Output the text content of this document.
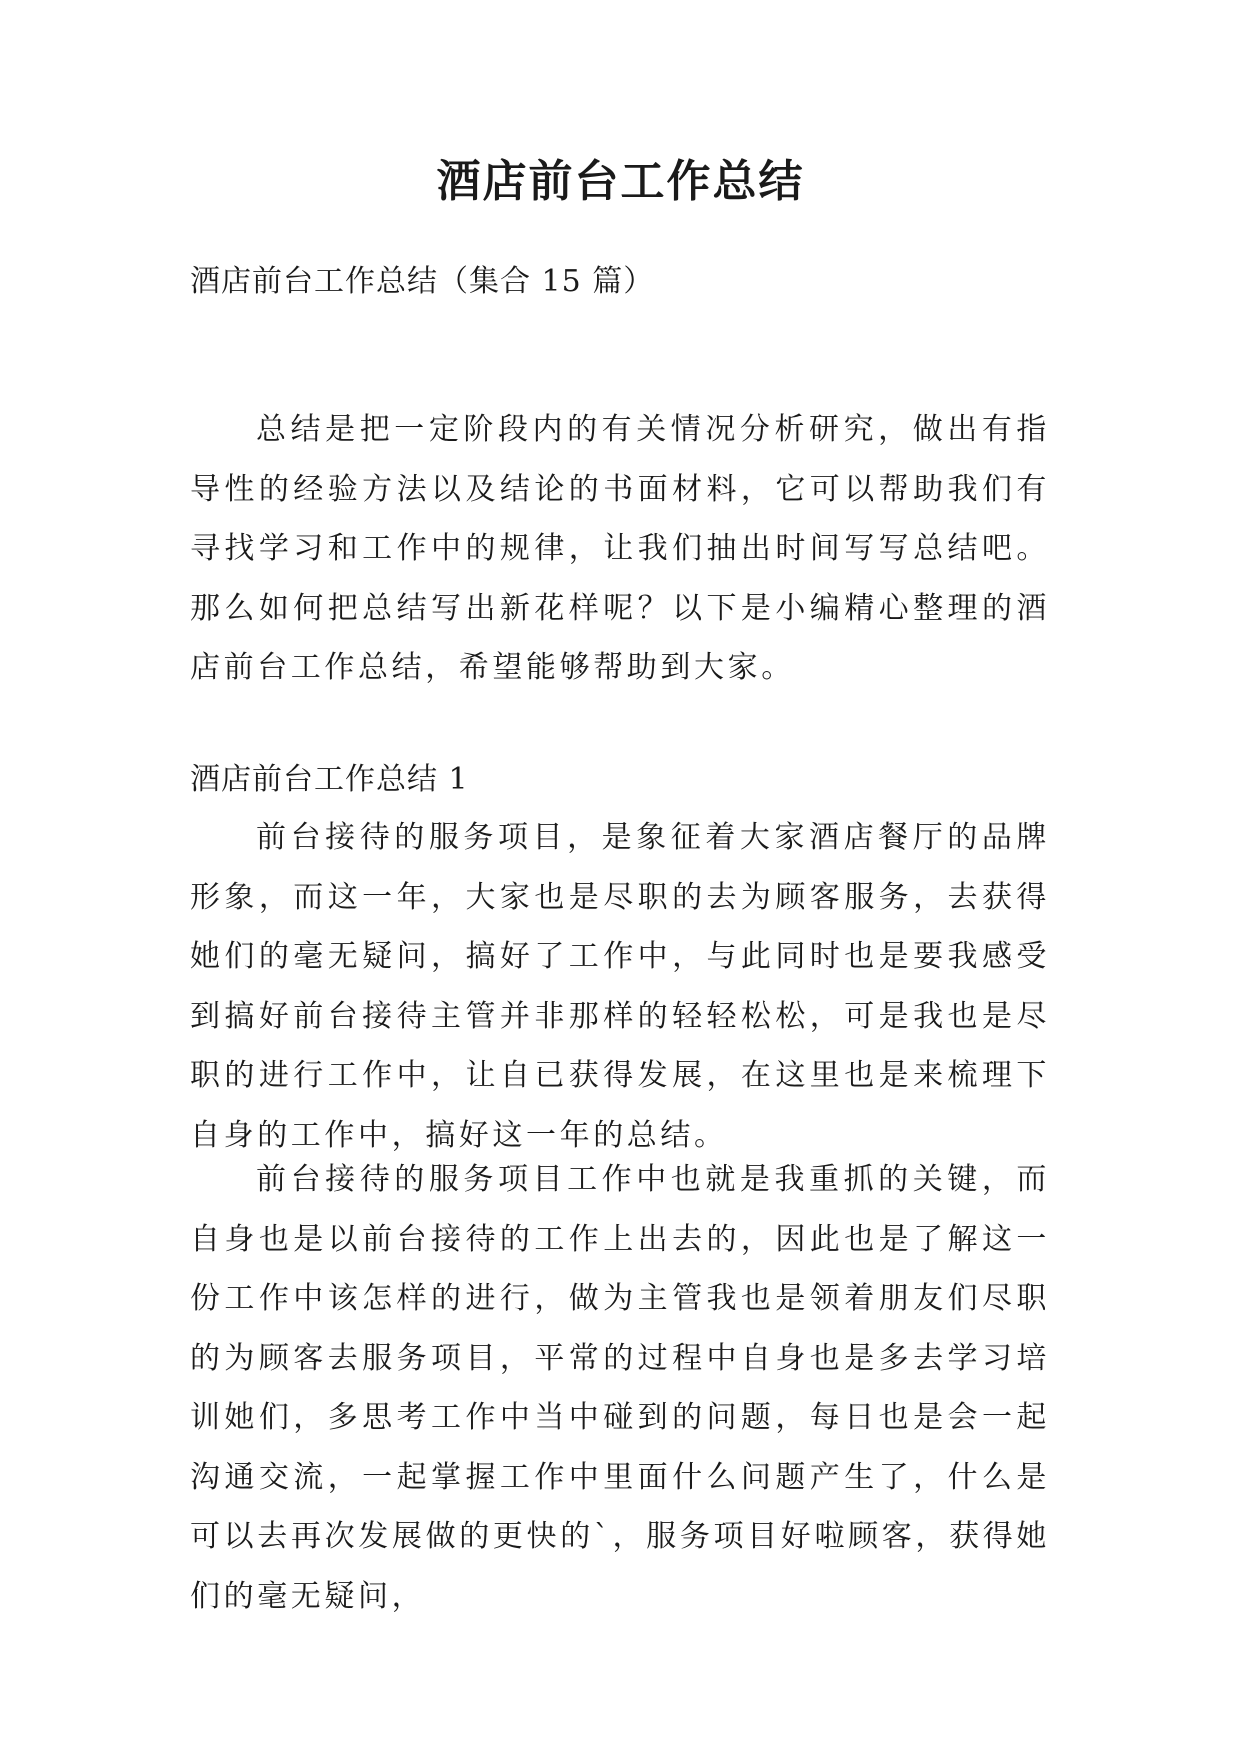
酒店前台工作总结

酒店前台工作总结（集合 15 篇）

总结是把一定阶段内的有关情况分析研究，做出有指导性的经验方法以及结论的书面材料，它可以帮助我们有寻找学习和工作中的规律，让我们抽出时间写写总结吧。那么如何把总结写出新花样呢？以下是小编精心整理的酒店前台工作总结，希望能够帮助到大家。

酒店前台工作总结 1

前台接待的服务项目，是象征着大家酒店餐厅的品牌形象，而这一年，大家也是尽职的去为顾客服务，去获得她们的毫无疑问，搞好了工作中，与此同时也是要我感受到搞好前台接待主管并非那样的轻轻松松，可是我也是尽职的进行工作中，让自已获得发展，在这里也是来梳理下自身的工作中，搞好这一年的总结。

前台接待的服务项目工作中也就是我重抓的关键，而自身也是以前台接待的工作上出去的，因此也是了解这一份工作中该怎样的进行，做为主管我也是领着朋友们尽职的为顾客去服务项目，平常的过程中自身也是多去学习培训她们，多思考工作中当中碰到的问题，每日也是会一起沟通交流，一起掌握工作中里面什么问题产生了，什么是可以去再次发展做的更快的`，服务项目好啦顾客，获得她们的毫无疑问，
